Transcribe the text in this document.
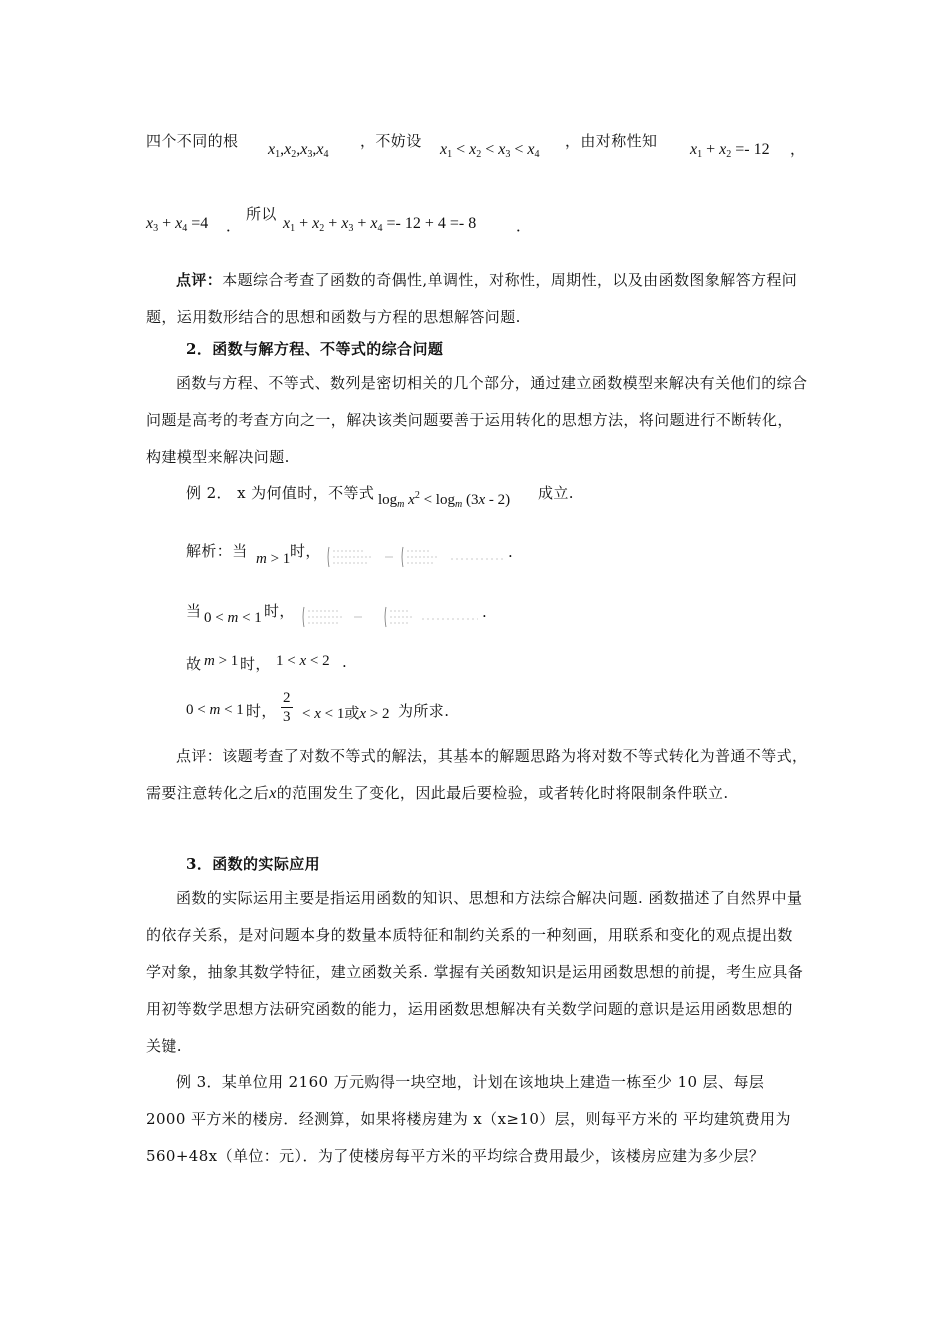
四个不同的根 $x_1,x_2,x_3,x_4$
，不妨设 $x_1 < x_2 < x_3 < x_4$
，由对称性知 $x_1 + x_2 =- 12$ ，
$x_3 + x_4 =4$ ．
所以
$x_1 + x_2 + x_3 + x_4 =- 12 + 4 =- 8$	．
点评：本题综合考查了函数的奇偶性,单调性，对称性，周期性，以及由函数图象解答方程问题，运用数形结合的思想和函数与方程的思想解答问题.
2．函数与解方程、不等式的综合问题
函数与方程、不等式、数列是密切相关的几个部分，通过建立函数模型来解决有关他们的综合问题是高考的考查方向之一，解决该类问题要善于运用转化的思想方法，将问题进行不断转化，构建模型来解决问题.
例 2． x 为何值时，不等式 $\log_m x^2 < \log_m (3x - 2)$ 成立.
解析：当 m > 1 时，	.
当 0 < m < 1 时，	.
故 m > 1 时， 1 < x < 2 .
0 < m < 1 时， $\frac{2}{3} < x < 1$或x > 2 为所求.
点评：该题考查了对数不等式的解法，其基本的解题思路为将对数不等式转化为普通不等式，需要注意转化之后x的范围发生了变化，因此最后要检验，或者转化时将限制条件联立.
3．函数的实际应用
函数的实际运用主要是指运用函数的知识、思想和方法综合解决问题. 函数描述了自然界中量的依存关系，是对问题本身的数量本质特征和制约关系的一种刻画，用联系和变化的观点提出数学对象，抽象其数学特征，建立函数关系. 掌握有关函数知识是运用函数思想的前提，考生应具备用初等数学思想方法研究函数的能力，运用函数思想解决有关数学问题的意识是运用函数思想的关键.
例 3．某单位用 2160 万元购得一块空地，计划在该地块上建造一栋至少 10 层、每层 2000 平方米的楼房．经测算，如果将楼房建为 x（x≥10）层，则每平方米的 平均建筑费用为 560+48x（单位：元）．为了使楼房每平方米的平均综合费用最少，该楼房应建为多少层？
